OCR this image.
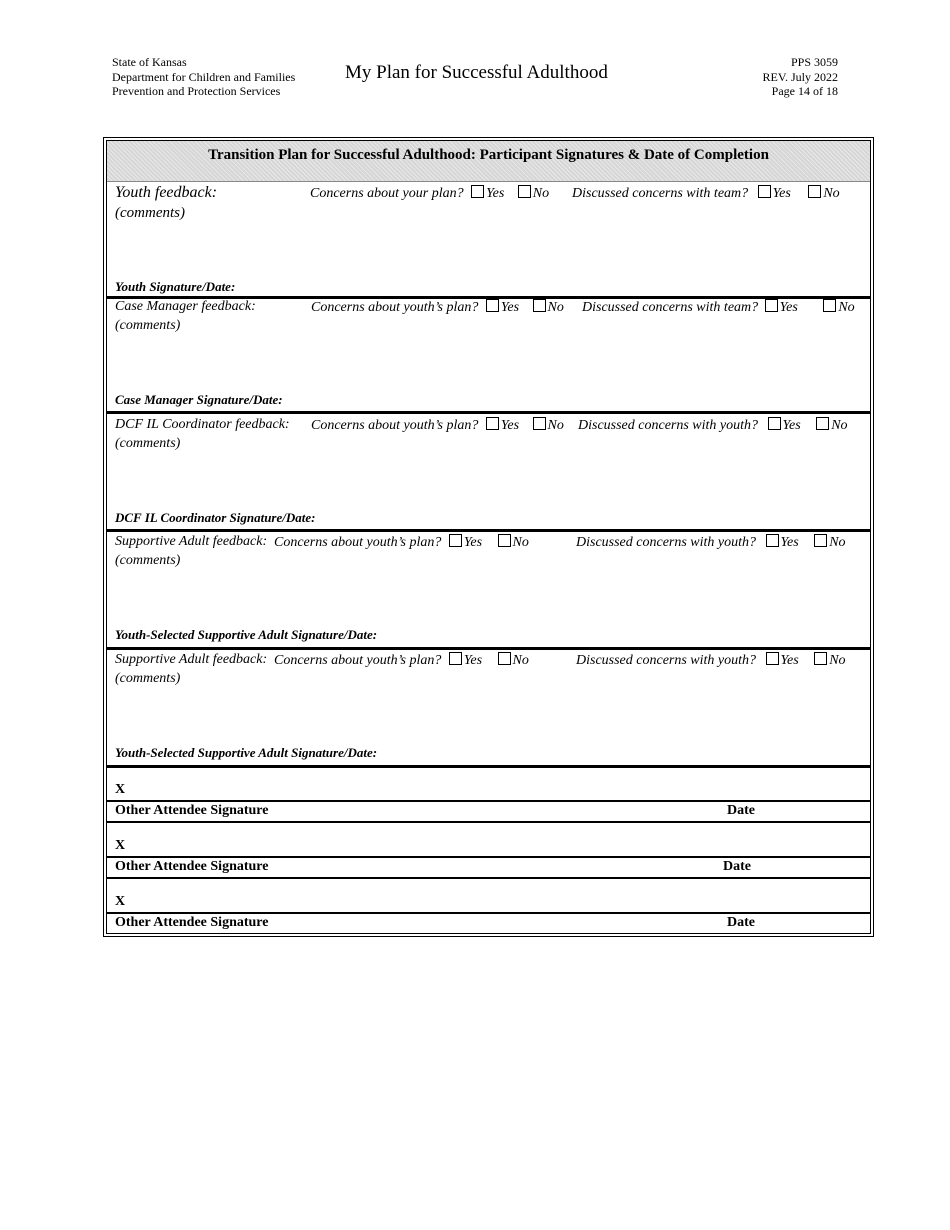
State of Kansas
Department for Children and Families
Prevention and Protection Services
My Plan for Successful Adulthood	PPS 3059
REV. July 2022
Page 14 of 18
Transition Plan for Successful Adulthood: Participant Signatures & Date of Completion
Youth feedback:
(comments)
Concerns about your plan? Yes No Discussed concerns with team? Yes No
Youth Signature/Date:
Case Manager feedback:
(comments)
Concerns about youth’s plan? Yes No Discussed concerns with team? Yes	No
Case Manager Signature/Date:
DCF IL Coordinator feedback:
(comments)
Concerns about youth’s plan? Yes No Discussed concerns with youth? Yes No
DCF IL Coordinator Signature/Date:
Supportive Adult feedback:
(comments)
Concerns about youth’s plan? Yes No	Discussed concerns with youth? Yes No
Youth-Selected Supportive Adult Signature/Date:
Supportive Adult feedback:
(comments)
Concerns about youth’s plan? Yes No	Discussed concerns with youth? Yes No
Youth-Selected Supportive Adult Signature/Date:
X
Other Attendee Signature	Date
X
Other Attendee Signature	Date
X
Other Attendee Signature	Date
